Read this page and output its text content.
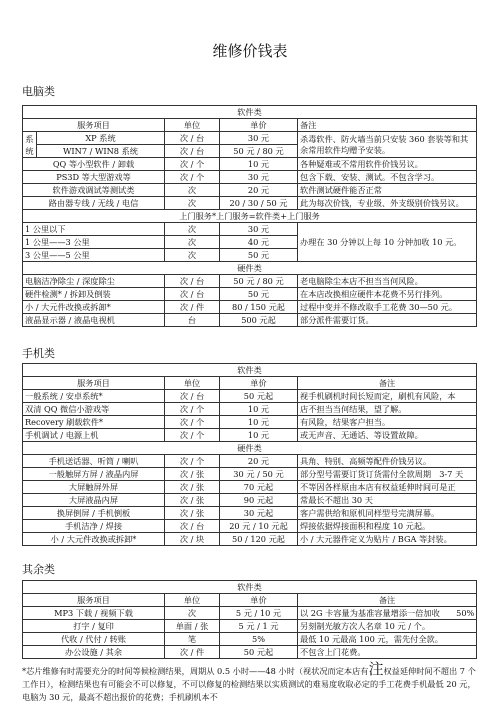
维修价钱表
电脑类
软件类				
服务项目		单位	单价	备注
系
统	XP 系统	次 / 台	30 元	杀毒软件、防火墙当前只安装 360 套装等和其余常用软件均赠予安装。
	WIN7 / WIN8 系统	次 / 台	50 元 / 80 元	
QQ 等小型软件 / 卸载		次 / 个	10 元	各种疑难或不常用软件价钱另议。
PS3D 等大型游戏等		次 / 个	30 元	包含下载、安装、测试。不包含学习。
软件游戏调试等测试类		次	20 元	软件测试硬件能否正常
路由器专线 / 无线 / 电信		次	20 / 30 / 50 元	此为每次价钱，专业级、外支级别价钱另议。
上门服务*上门服务=软件类+上门服务				
1 公里以下		次	30 元	办理在 30 分钟以上每 10 分钟加收 10 元。
1 公里——3 公里		次	40 元	
3 公里——5 公里		次	50 元	
硬件类				
电脑洁净除尘 / 深度除尘		次 / 台	50 元 / 80 元	老电脑除尘本店不担当当何风险。
硬件检测* / 拆卸及倒装		次 / 台	50 元	在本店改换相应硬件本花费不另行排列。
小 / 大元件改换或拆卸*		次 / 件	80 / 150 元起	过程中变并不修改取手工花费 30—50 元。
液晶显示器 / 液晶电视机		台	500 元起	部分派件需要订货。
手机类
软件类			
服务项目	单位	单价	备注
一般系统 / 安卓系统*	次 / 台	50 元起	视手机刷机时间长短而定，刷机有风险，本
双清 QQ 微信小游戏等	次 / 个	10 元	店不担当当何结果，望了解。
Recovery 刷载软件*	次 / 个	10 元	有风险，结果客户担当。
手机调试 / 电源上机	次 / 个	10 元	或无声音、无通话、等设置故障。
硬件类			
手机送话器、听筒 / 喇叭	次 / 个	20 元	具角、特别、高频等配件价钱另议。
一般触屏方屏 / 液晶内屏	次 / 张	30 元 / 50 元	部分型号需要订货订货需付全款周期　3-7 天
大屏触屏外屏	次 / 张	70 元起	不等因各样原由本店有权益延伸时间可是正
大屏液晶内屏	次 / 张	90 元起	常最长不超出 30 天
换屏倒屏 / 手机倒板	次 / 张	30 元起	客户需供给和原机同样型号完满屏幕。
手机洁净 / 焊接	次 / 台	20 元 / 10 元起	焊接依据焊接面积和程度 10 元起。
小 / 大元件改换或拆卸*	次 / 块	50 / 120 元起	小 / 大元器件定义为贴片 / BGA 等封装。
其余类
软件类			
服务项目	单位	单价	备注
MP3 下载 / 视频下载	次	5 元 / 10 元	以 2G 卡容量为基准容量增添一倍加收　　50%
打字 / 复印	单面 / 张	5 元 / 1 元	另刻制光敏方次人名章 10 元 / 个。
代收 / 代付 / 转账	笔	5%	最低 10 元最高 100 元，需先付全款。
办公设施 / 其余	次 / 件	50 元起	不包含上门花费。
*芯片维修有时需要充分的时间等候检测结果，周期从 0.5 小时——48 小时（视状况而定本店有注权益延伸时间不超出 7 个工作日），检测结果也有可能会不可以修复，不可以修复的检测结果以实质测试的难易度收取必定的手工花费手机最低 20 元，电脑为 30 元，最高不超出报价的花费；手机刷机本不
